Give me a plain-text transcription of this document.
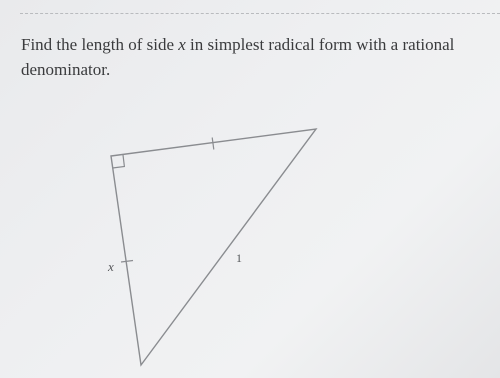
Find the length of side x in simplest radical form with a rational denominator.

x
1
